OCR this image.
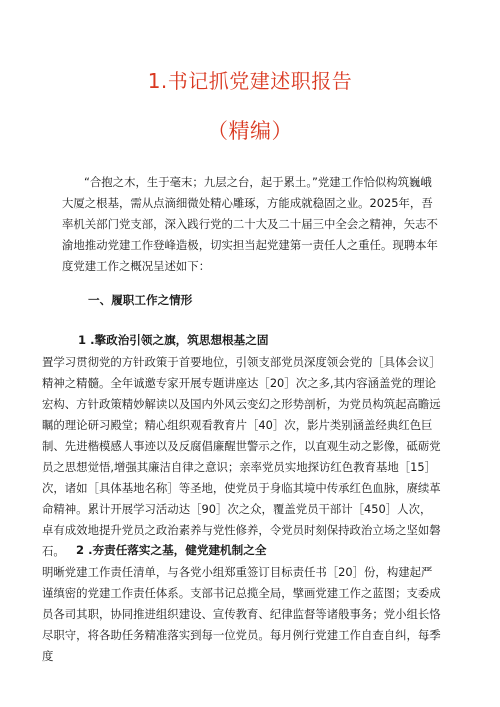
1.书记抓党建述职报告
（精编）

“合抱之木，生于毫末；九层之台，起于累土。”党建工作恰似构筑巍峨大厦之根基，需从点滴细微处精心雕琢，方能成就稳固之业。2025年，吾率机关部门党支部，深入践行党的二十大及二十届三中全会之精神，矢志不渝地推动党建工作登峰造极，切实担当起党建第一责任人之重任。现聘本年度党建工作之概况呈述如下：

一、履职工作之情形

1 .擎政治引领之旗，筑思想根基之固

置学习贯彻党的方针政策于首要地位，引领支部党员深度领会党的［具体会议］精神之精髓。全年诚邀专家开展专题讲座达［20］次之多,其内容涵盖党的理论宏构、方针政策精妙解读以及国内外风云变幻之形势剖析，为党员构筑起高瞻远瞩的理论研习殿堂；精心组织观看教育片［40］次，影片类别涵盖经典红色巨制、先进楷模感人事迹以及反腐倡廉醒世警示之作，以直观生动之影像，砥砺党员之思想觉悟,增强其廉洁自律之意识；亲率党员实地探访红色教育基地［15］次，诸如［具体基地名称］等圣地，使党员于身临其境中传承红色血脉，赓续革命精神。累计开展学习活动达［90］次之众，覆盖党员干部计［450］人次，卓有成效地提升党员之政治素养与党性修养，令党员时刻保持政治立场之坚如磐石。 2 .夯责任落实之基，健党建机制之全

明晰党建工作责任清单，与各党小组郑重签订目标责任书［20］份，构建起严谨缜密的党建工作责任体系。支部书记总揽全局，擘画党建工作之蓝图；支委成员各司其职，协同推进组织建设、宣传教育、纪律监督等诸般事务；党小组长恪尽职守，将各助任务精准落实到每一位党员。每月例行党建工作自查自纠，每季度
